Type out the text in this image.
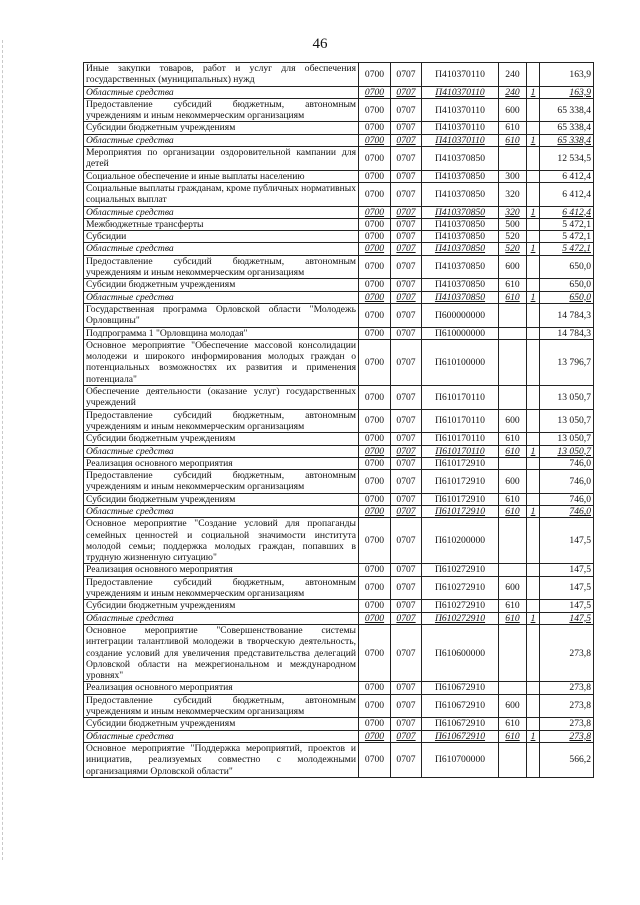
46
Иные закупки товаров, работ и услуг для обеспечения государственных (муниципальных) нужд	0700	0707	П410370110	240		163,9
Областные средства	0700	0707	П410370110	240	1	163,9
Предоставление субсидий бюджетным, автономным учреждениям и иным некоммерческим организациям	0700	0707	П410370110	600		65 338,4
Субсидии бюджетным учреждениям	0700	0707	П410370110	610		65 338,4
Областные средства	0700	0707	П410370110	610	1	65 338,4
Мероприятия по организации оздоровительной кампании для детей	0700	0707	П410370850			12 534,5
Социальное обеспечение и иные выплаты населению	0700	0707	П410370850	300		6 412,4
Социальные выплаты гражданам, кроме публичных нормативных социальных выплат	0700	0707	П410370850	320		6 412,4
Областные средства	0700	0707	П410370850	320	1	6 412,4
Межбюджетные трансферты	0700	0707	П410370850	500		5 472,1
Субсидии	0700	0707	П410370850	520		5 472,1
Областные средства	0700	0707	П410370850	520	1	5 472,1
Предоставление субсидий бюджетным, автономным учреждениям и иным некоммерческим организациям	0700	0707	П410370850	600		650,0
Субсидии бюджетным учреждениям	0700	0707	П410370850	610		650,0
Областные средства	0700	0707	П410370850	610	1	650,0
Государственная программа Орловской области "Молодежь Орловщины"	0700	0707	П600000000			14 784,3
Подпрограмма 1 "Орловщина молодая"	0700	0707	П610000000			14 784,3
Основное мероприятие "Обеспечение массовой консолидации молодежи и широкого информирования молодых граждан о потенциальных возможностях их развития и применения потенциала"	0700	0707	П610100000			13 796,7
Обеспечение деятельности (оказание услуг) государственных учреждений	0700	0707	П610170110			13 050,7
Предоставление субсидий бюджетным, автономным учреждениям и иным некоммерческим организациям	0700	0707	П610170110	600		13 050,7
Субсидии бюджетным учреждениям	0700	0707	П610170110	610		13 050,7
Областные средства	0700	0707	П610170110	610	1	13 050,7
Реализация основного мероприятия	0700	0707	П610172910			746,0
Предоставление субсидий бюджетным, автономным учреждениям и иным некоммерческим организациям	0700	0707	П610172910	600		746,0
Субсидии бюджетным учреждениям	0700	0707	П610172910	610		746,0
Областные средства	0700	0707	П610172910	610	1	746,0
Основное мероприятие "Создание условий для пропаганды семейных ценностей и социальной значимости института молодой семьи; поддержка молодых граждан, попавших в трудную жизненную ситуацию"	0700	0707	П610200000			147,5
Реализация основного мероприятия	0700	0707	П610272910			147,5
Предоставление субсидий бюджетным, автономным учреждениям и иным некоммерческим организациям	0700	0707	П610272910	600		147,5
Субсидии бюджетным учреждениям	0700	0707	П610272910	610		147,5
Областные средства	0700	0707	П610272910	610	1	147,5
Основное мероприятие "Совершенствование системы интеграции талантливой молодежи в творческую деятельность, создание условий для увеличения представительства делегаций Орловской области на межрегиональном и международном уровнях"	0700	0707	П610600000			273,8
Реализация основного мероприятия	0700	0707	П610672910			273,8
Предоставление субсидий бюджетным, автономным учреждениям и иным некоммерческим организациям	0700	0707	П610672910	600		273,8
Субсидии бюджетным учреждениям	0700	0707	П610672910	610		273,8
Областные средства	0700	0707	П610672910	610	1	273,8
Основное мероприятие "Поддержка мероприятий, проектов и инициатив, реализуемых совместно с молодежными организациями Орловской области"	0700	0707	П610700000			566,2
